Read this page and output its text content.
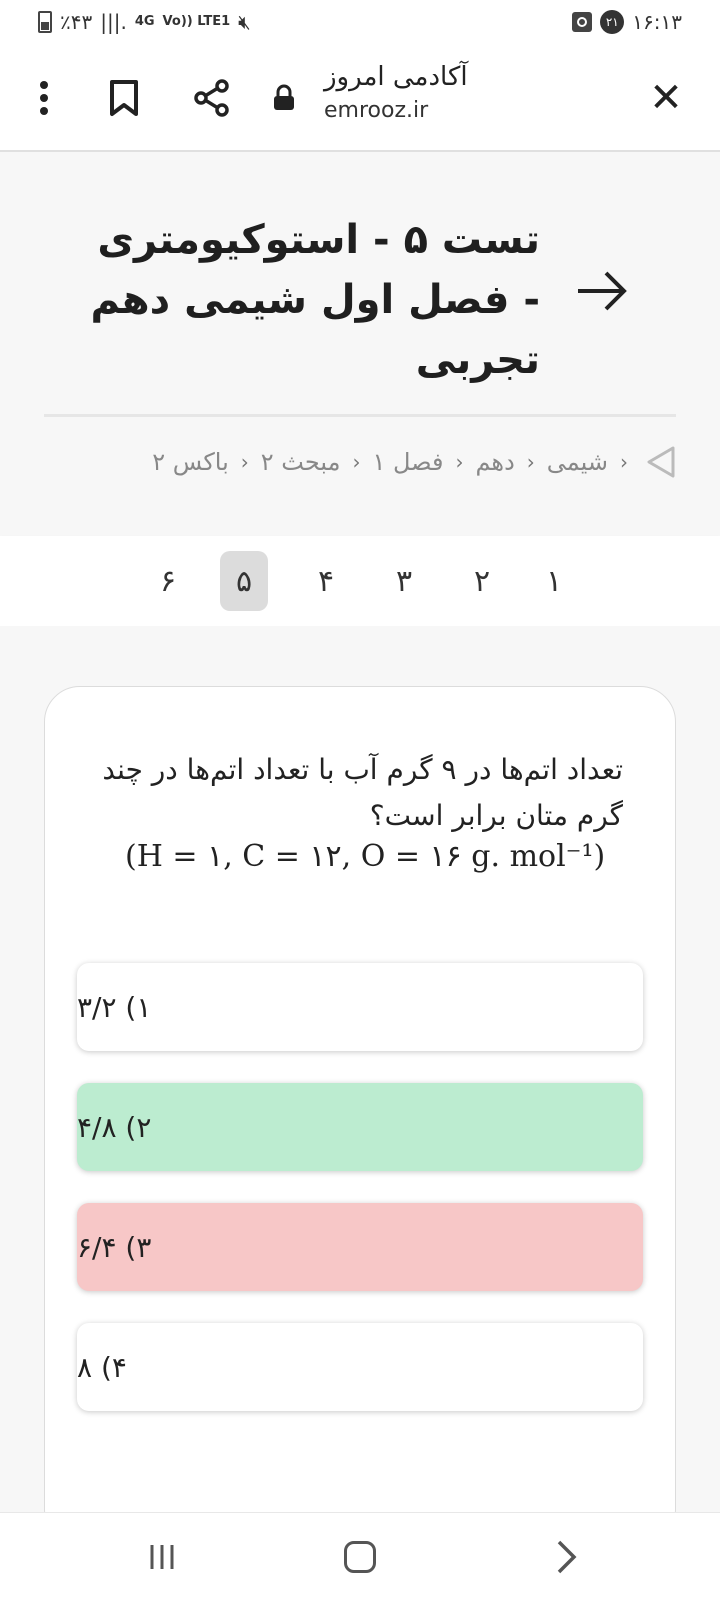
٪۴۳ |||. 4G Vo)) LTE1 🔇︎	۲۱ ۱۶:۱۳
✕
آکادمی امروز
emrooz.ir
تست ۵ - استوکیومتری - فصل اول شیمی دهم تجربی
‹
شیمی
‹
دهم
‹
فصل ۱
‹
مبحث ۲
‹
باکس ۲
۱
۲
۳
۴
۵
۶
تعداد اتم‌ها در ۹ گرم آب با تعداد اتم‌ها در چند گرم متان برابر است؟
(H = ۱, C = ۱۲, O = ۱۶ g. mol⁻¹)
۱) ۳/۲
۲) ۴/۸
۳) ۶/۴
۴) ۸
